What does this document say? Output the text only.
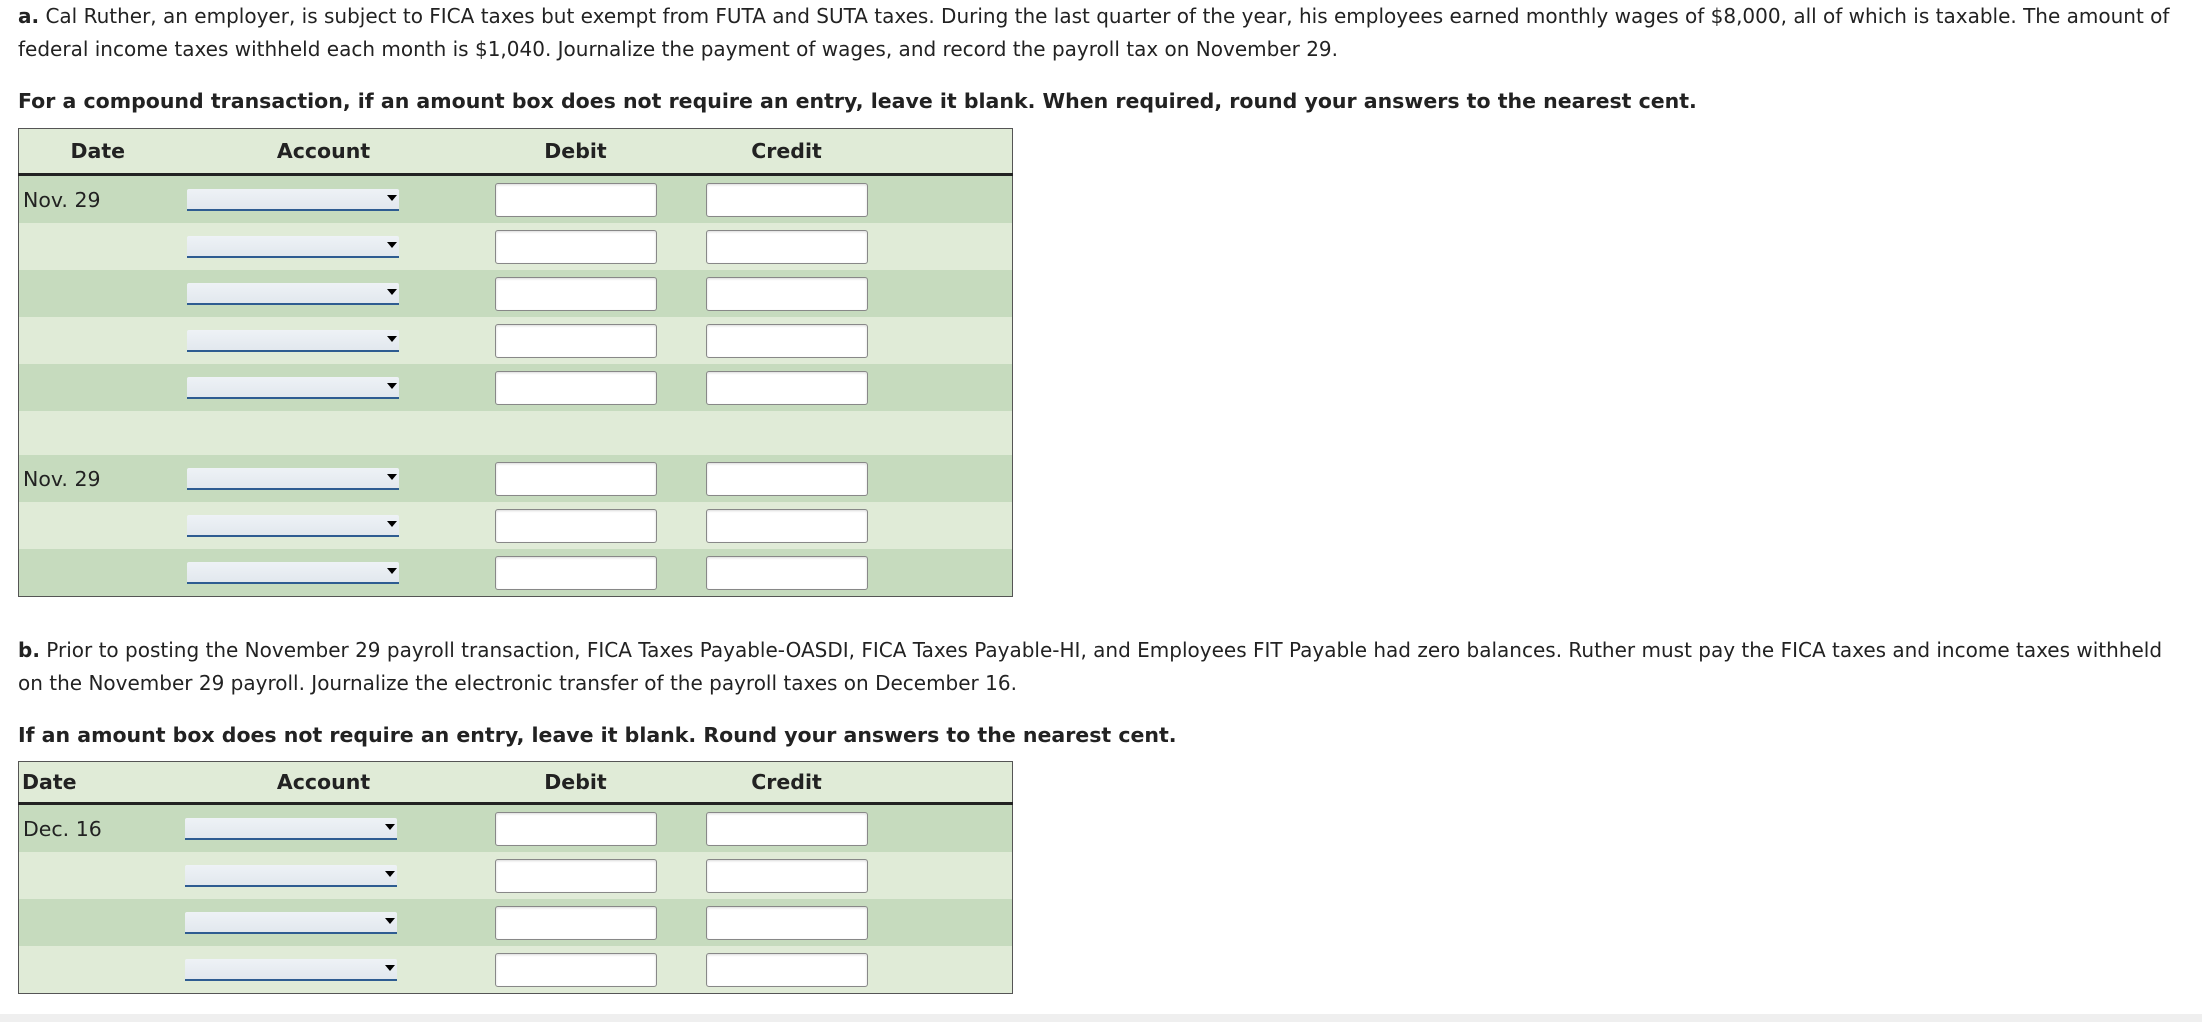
a. Cal Ruther, an employer, is subject to FICA taxes but exempt from FUTA and SUTA taxes. During the last quarter of the year, his employees earned monthly wages of $8,000, all of which is taxable. The amount of federal income taxes withheld each month is $1,040. Journalize the payment of wages, and record the payroll tax on November 29.

For a compound transaction, if an amount box does not require an entry, leave it blank. When required, round your answers to the nearest cent.

Date	Account	Debit	Credit	
Nov. 29	

Nov. 29	

b. Prior to posting the November 29 payroll transaction, FICA Taxes Payable-OASDI, FICA Taxes Payable-HI, and Employees FIT Payable had zero balances. Ruther must pay the FICA taxes and income taxes withheld on the November 29 payroll. Journalize the electronic transfer of the payroll taxes on December 16.

If an amount box does not require an entry, leave it blank. Round your answers to the nearest cent.

Date	Account	Debit	Credit	
Dec. 16	
